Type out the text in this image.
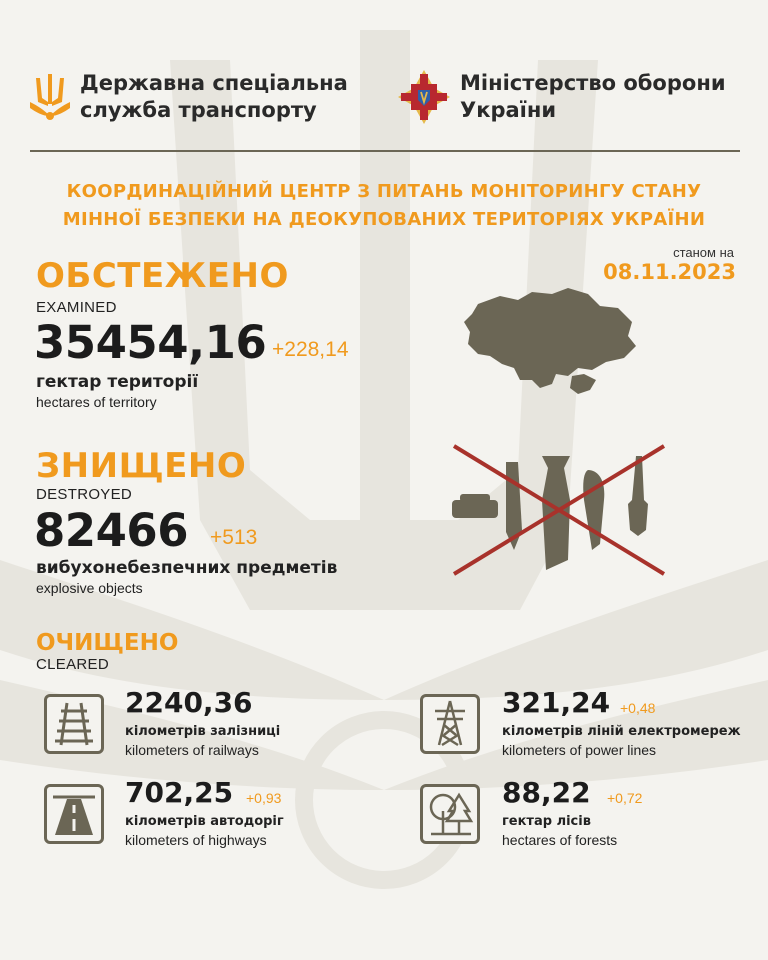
Державна спеціальна
служба транспорту
Міністерство оборони
України
КООРДИНАЦІЙНИЙ ЦЕНТР З ПИТАНЬ МОНІТОРИНГУ СТАНУ
МІННОЇ БЕЗПЕКИ НА ДЕОКУПОВАНИХ ТЕРИТОРІЯХ УКРАЇНИ
станом на
08.11.2023
ОБСТЕЖЕНО
EXAMINED
35454,16 +228,14
гектар території
hectares of territory
ЗНИЩЕНО
DESTROYED
82466 +513
вибухонебезпечних предметів
explosive objects
ОЧИЩЕНО
CLEARED
2240,36
кілометрів залізниці
kilometers of railways
321,24 +0,48
кілометрів ліній електромереж
kilometers of power lines
702,25 +0,93
кілометрів автодоріг
kilometers of highways
88,22 +0,72
гектар лісів
hectares of forests
